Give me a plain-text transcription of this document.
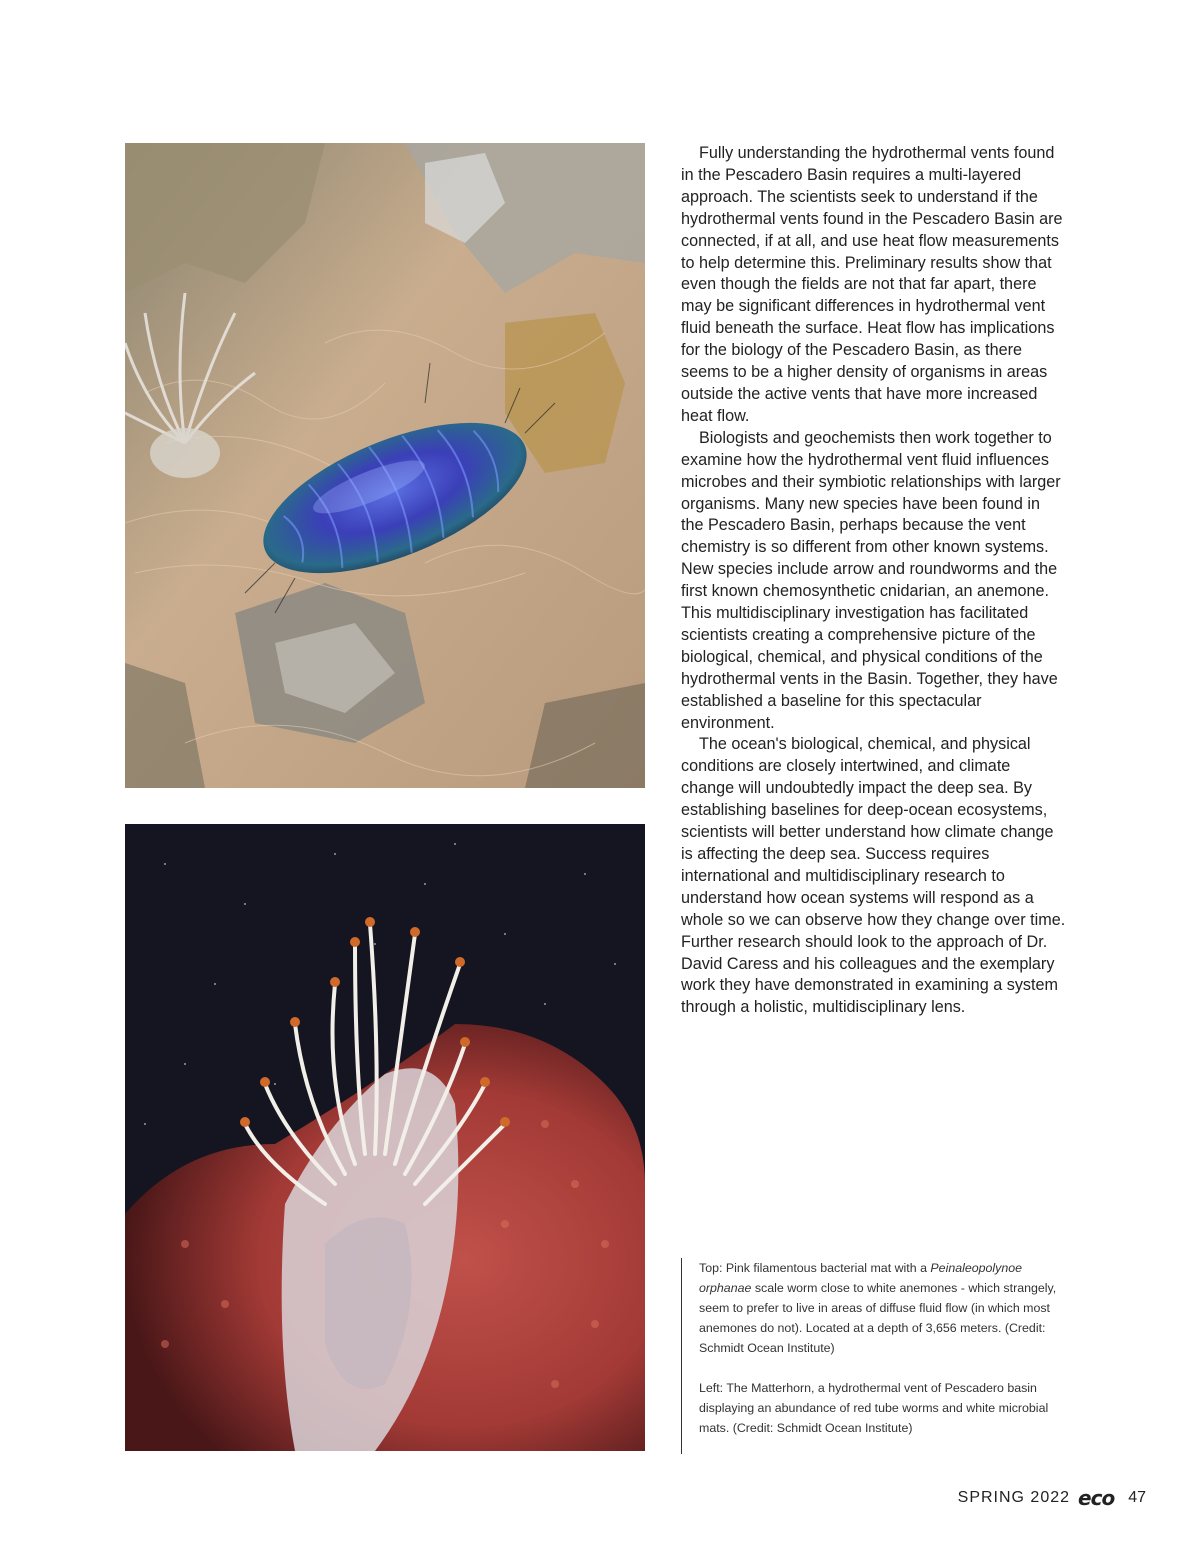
Fully understanding the hydrothermal vents found in the Pescadero Basin requires a multi-layered approach. The scientists seek to understand if the hydrothermal vents found in the Pescadero Basin are connected, if at all, and use heat flow measurements to help determine this. Preliminary results show that even though the fields are not that far apart, there may be significant differences in hydrothermal vent fluid beneath the surface. Heat flow has implications for the biology of the Pescadero Basin, as there seems to be a higher density of organisms in areas outside the active vents that have more increased heat flow.

Biologists and geochemists then work together to examine how the hydrothermal vent fluid influences microbes and their symbiotic relationships with larger organisms. Many new species have been found in the Pescadero Basin, perhaps because the vent chemistry is so different from other known systems. New species include arrow and roundworms and the first known chemosynthetic cnidarian, an anemone. This multidisciplinary investigation has facilitated scientists creating a comprehensive picture of the biological, chemical, and physical conditions of the hydrothermal vents in the Basin. Together, they have established a baseline for this spectacular environment.

The ocean's biological, chemical, and physical conditions are closely intertwined, and climate change will undoubtedly impact the deep sea. By establishing baselines for deep-ocean ecosystems, scientists will better understand how climate change is affecting the deep sea. Success requires international and multidisciplinary research to understand how ocean systems will respond as a whole so we can observe how they change over time. Further research should look to the approach of Dr. David Caress and his colleagues and the exemplary work they have demonstrated in examining a system through a holistic, multidisciplinary lens.

Top: Pink filamentous bacterial mat with a Peinaleopolynoe orphanae scale worm close to white anemones - which strangely, seem to prefer to live in areas of diffuse fluid flow (in which most anemones do not). Located at a depth of 3,656 meters. (Credit: Schmidt Ocean Institute)

Left: The Matterhorn, a hydrothermal vent of Pescadero basin displaying an abundance of red tube worms and white microbial mats. (Credit: Schmidt Ocean Institute)

SPRING 2022 eco 47
